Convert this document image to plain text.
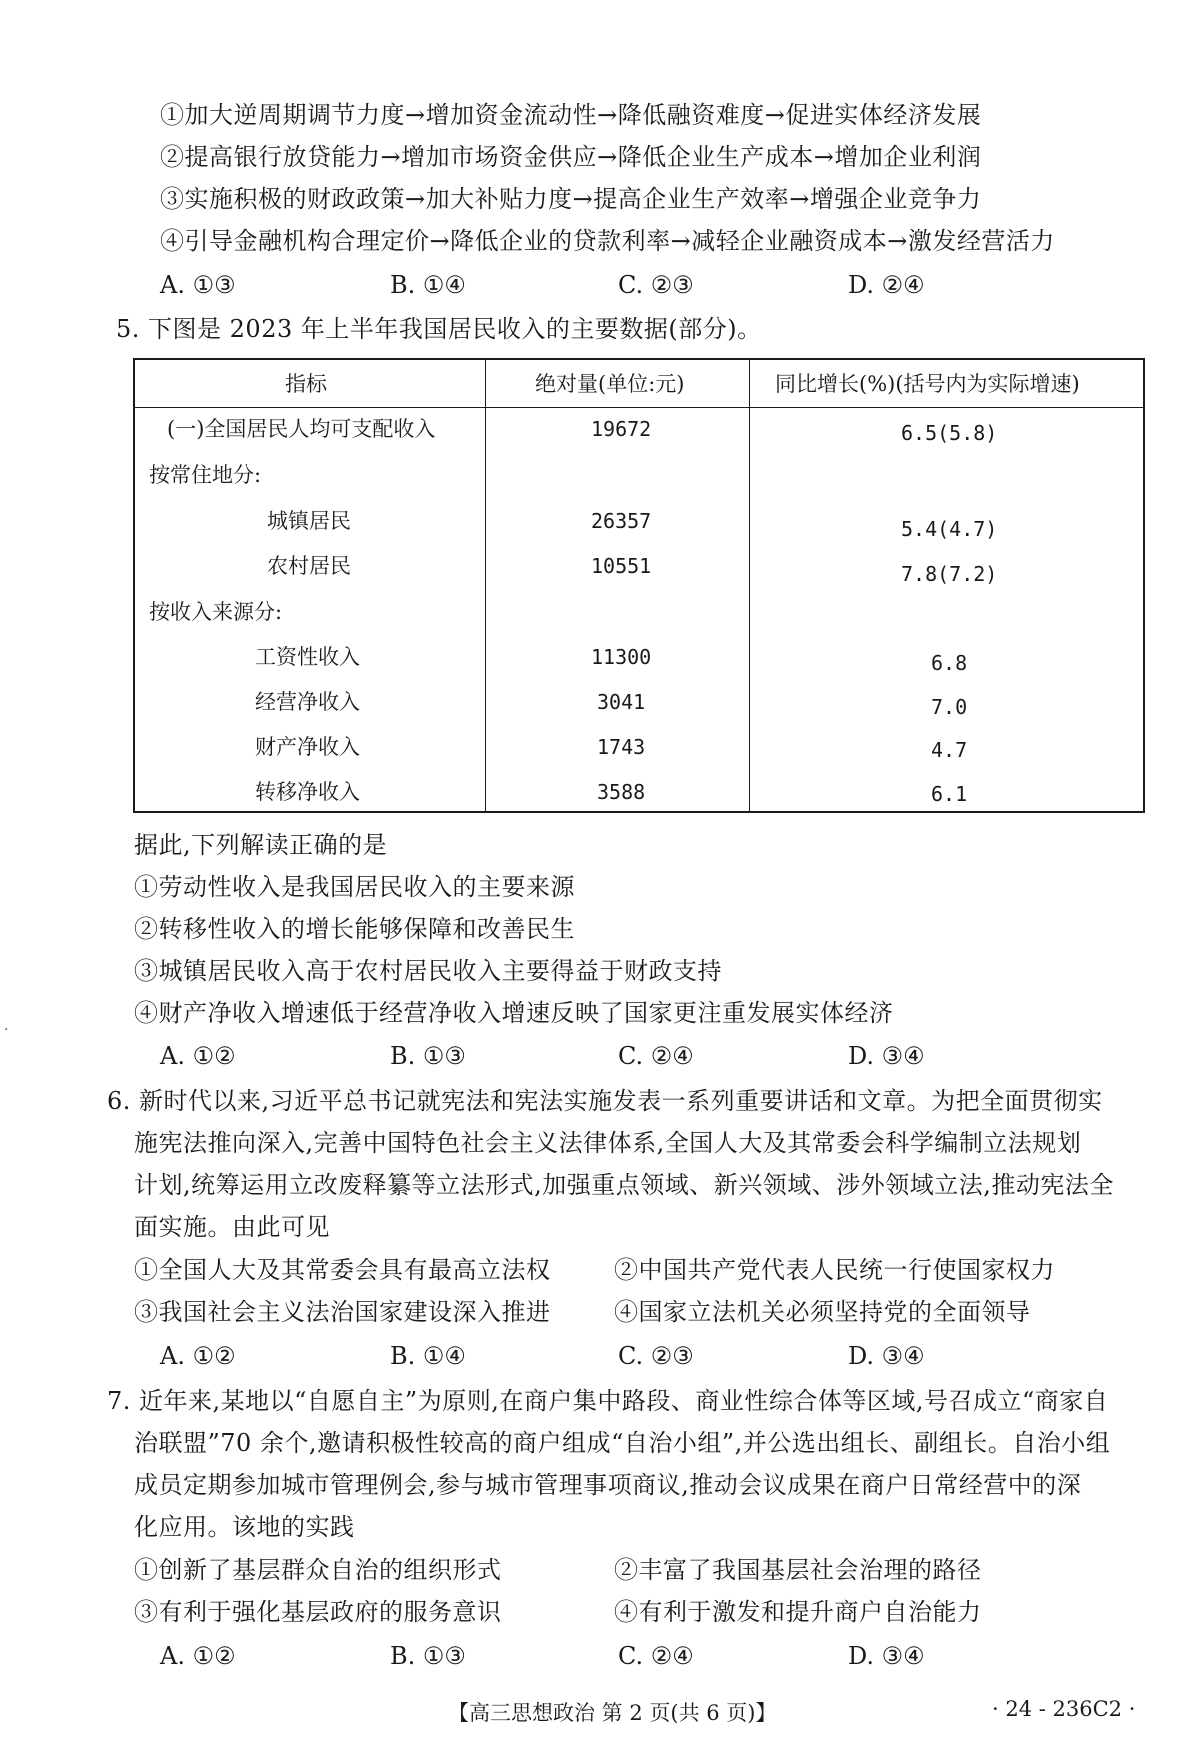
①加大逆周期调节力度→增加资金流动性→降低融资难度→促进实体经济发展
②提高银行放贷能力→增加市场资金供应→降低企业生产成本→增加企业利润
③实施积极的财政政策→加大补贴力度→提高企业生产效率→增强企业竞争力
④引导金融机构合理定价→降低企业的贷款利率→减轻企业融资成本→激发经营活力
A. ①③	B. ①④	C. ②③	D. ②④
5. 下图是 2023 年上半年我国居民收入的主要数据(部分)。
指标	绝对量(单位:元)	同比增长(%)(括号内为实际增速)
(一)全国居民人均可支配收入	19672	6.5(5.8)
按常住地分:
城镇居民	26357	5.4(4.7)
农村居民	10551	7.8(7.2)
按收入来源分:
工资性收入	11300	6.8
经营净收入	3041	7.0
财产净收入	1743	4.7
转移净收入	3588	6.1
据此,下列解读正确的是
①劳动性收入是我国居民收入的主要来源
②转移性收入的增长能够保障和改善民生
③城镇居民收入高于农村居民收入主要得益于财政支持
④财产净收入增速低于经营净收入增速反映了国家更注重发展实体经济
A. ①②	B. ①③	C. ②④	D. ③④
6. 新时代以来,习近平总书记就宪法和宪法实施发表一系列重要讲话和文章。为把全面贯彻实
施宪法推向深入,完善中国特色社会主义法律体系,全国人大及其常委会科学编制立法规划
计划,统筹运用立改废释纂等立法形式,加强重点领域、新兴领域、涉外领域立法,推动宪法全
面实施。由此可见
①全国人大及其常委会具有最高立法权	②中国共产党代表人民统一行使国家权力
③我国社会主义法治国家建设深入推进	④国家立法机关必须坚持党的全面领导
A. ①②	B. ①④	C. ②③	D. ③④
7. 近年来,某地以“自愿自主”为原则,在商户集中路段、商业性综合体等区域,号召成立“商家自
治联盟”70 余个,邀请积极性较高的商户组成“自治小组”,并公选出组长、副组长。自治小组
成员定期参加城市管理例会,参与城市管理事项商议,推动会议成果在商户日常经营中的深
化应用。该地的实践
①创新了基层群众自治的组织形式	②丰富了我国基层社会治理的路径
③有利于强化基层政府的服务意识	④有利于激发和提升商户自治能力
A. ①②	B. ①③	C. ②④	D. ③④
【高三思想政治 第 2 页(共 6 页)】	· 24 - 236C2 ·
·
